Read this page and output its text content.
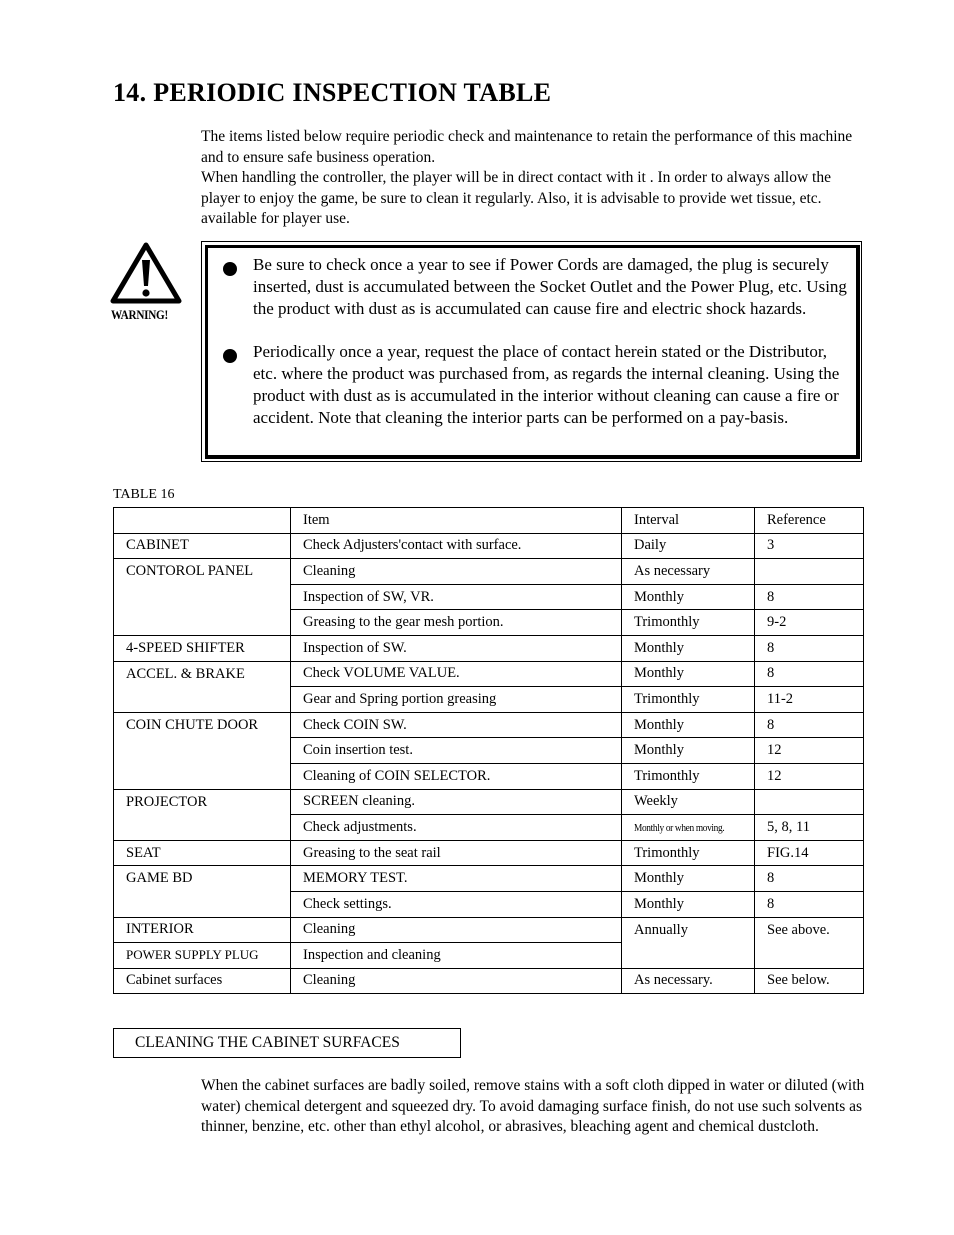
14. PERIODIC INSPECTION TABLE

The items listed below require periodic check and maintenance to retain the performance of this machine and to ensure safe business operation.

When handling the controller, the player will be in direct contact with it . In order to always allow the player to enjoy the game, be sure to clean it regularly. Also, it is advisable to provide wet tissue, etc. available for player use.

WARNING!
Be sure to check once a year to see if Power Cords are damaged, the plug is securely inserted, dust is accumulated between the Socket Outlet and the Power Plug, etc. Using the product with dust as is accumulated can cause fire and electric shock hazards.
Periodically once a year, request the place of contact herein stated or the Distributor, etc. where the product was purchased from, as regards the internal cleaning. Using the product with dust as is accumulated in the interior without cleaning can cause a fire or accident. Note that cleaning the interior parts can be performed on a pay-basis.
TABLE 16
	Item	Interval	Reference
CABINET	Check Adjusters'contact with surface.	Daily	3
CONTOROL PANEL	Cleaning	As necessary	
	Inspection of SW, VR.	Monthly	8
	Greasing to the gear mesh portion.	Trimonthly	9-2
4-SPEED SHIFTER	Inspection of SW.	Monthly	8
ACCEL. & BRAKE	Check VOLUME VALUE.	Monthly	8
	Gear and Spring portion greasing	Trimonthly	11-2
COIN CHUTE DOOR	Check COIN SW.	Monthly	8
	Coin insertion test.	Monthly	12
	Cleaning of COIN SELECTOR.	Trimonthly	12
PROJECTOR	SCREEN cleaning.	Weekly	
	Check adjustments.	Monthly or when moving.	5, 8, 11
SEAT	Greasing to the seat rail	Trimonthly	FIG.14
GAME BD	MEMORY TEST.	Monthly	8
	Check settings.	Monthly	8
INTERIOR	Cleaning	Annually	See above.
POWER SUPPLY PLUG	Inspection and cleaning		
Cabinet surfaces	Cleaning	As necessary.	See below.
CLEANING THE CABINET SURFACES
When the cabinet surfaces are badly soiled, remove stains with a soft cloth dipped in water or diluted (with water) chemical detergent and squeezed dry. To avoid damaging surface finish, do not use such solvents as thinner, benzine, etc. other than ethyl alcohol, or abrasives, bleaching agent and chemical dustcloth.
